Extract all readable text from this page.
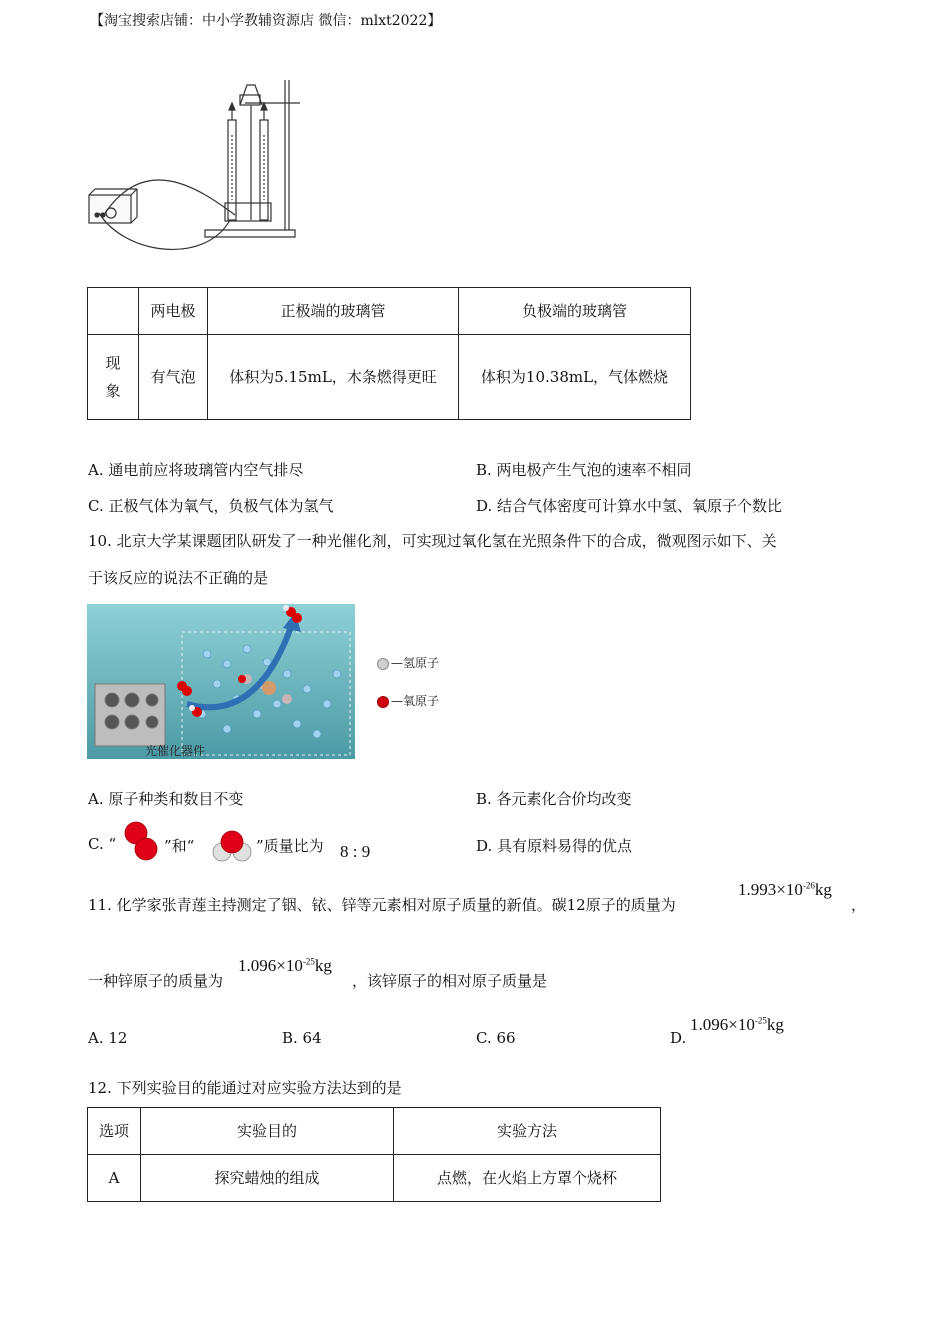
【淘宝搜索店铺：中小学教辅资源店 微信：mlxt2022】
	两电极	正极端的玻璃管	负极端的玻璃管
现象	有气泡	体积为5.15mL，木条燃得更旺	体积为10.38mL，气体燃烧
A. 通电前应将玻璃管内空气排尽	B. 两电极产生气泡的速率不相同
C. 正极气体为氧气，负极气体为氢气	D. 结合气体密度可计算水中氢、氧原子个数比
10. 北京大学某课题团队研发了一种光催化剂，可实现过氧化氢在光照条件下的合成，微观图示如下、关
于该反应的说法不正确的是
光催化器件
—氢原子
—氧原子
A. 原子种类和数目不变	B. 各元素化合价均改变
C. “	”和“	”质量比为 8 : 9	D. 具有原料易得的优点
11. 化学家张青莲主持测定了铟、铱、锌等元素相对原子质量的新值。碳12原子的质量为
$1.993\times 10^{-26}kg$
，
一种锌原子的质量为
$1.096\times 10^{-25}kg$
，该锌原子的相对原子质量是
A. 12	B. 64	C. 66	D.
$1.096\times 10^{-25}kg$
12. 下列实验目的能通过对应实验方法达到的是
选项	实验目的	实验方法
A	探究蜡烛的组成	点燃，在火焰上方罩个烧杯
